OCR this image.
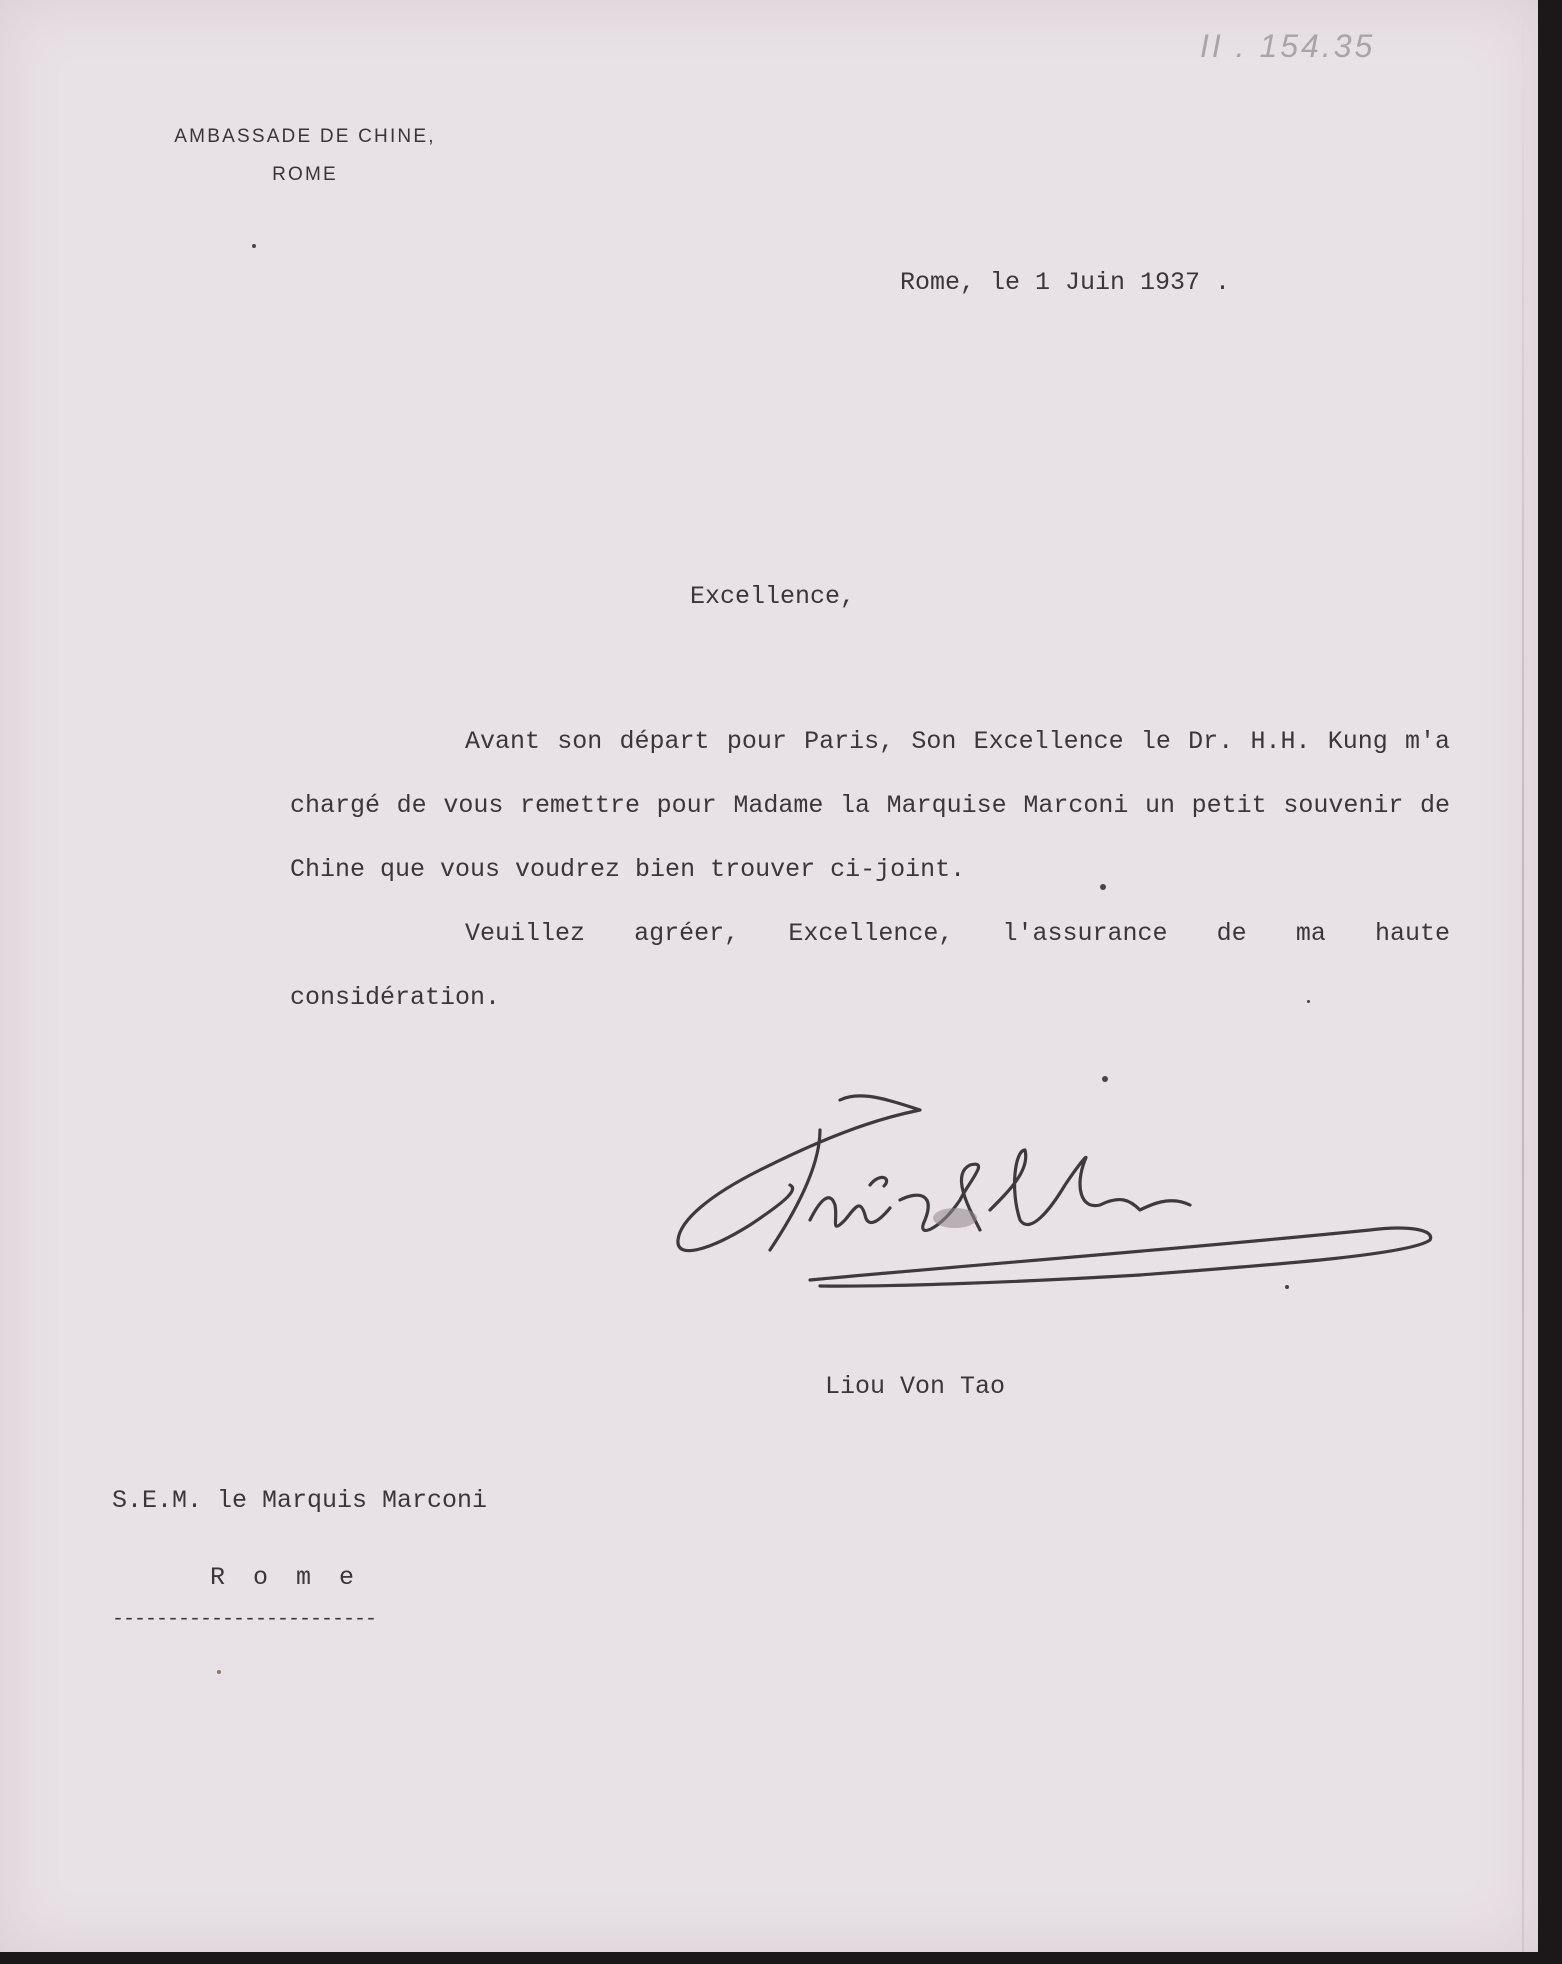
II . 154.35
AMBASSADE DE CHINE,
ROME
Rome, le 1 Juin 1937 .
Excellence,

Avant son départ pour Paris, Son Excellence le Dr. H.H. Kung m'a chargé de vous remettre pour Madame la Marquise Marconi un petit souvenir de Chine que vous voudrez bien trouver ci-joint.

Veuillez agréer, Excellence, l'assurance de ma haute considération.

Liou Von Tao
S.E.M. le Marquis Marconi
Rome
------------------------
